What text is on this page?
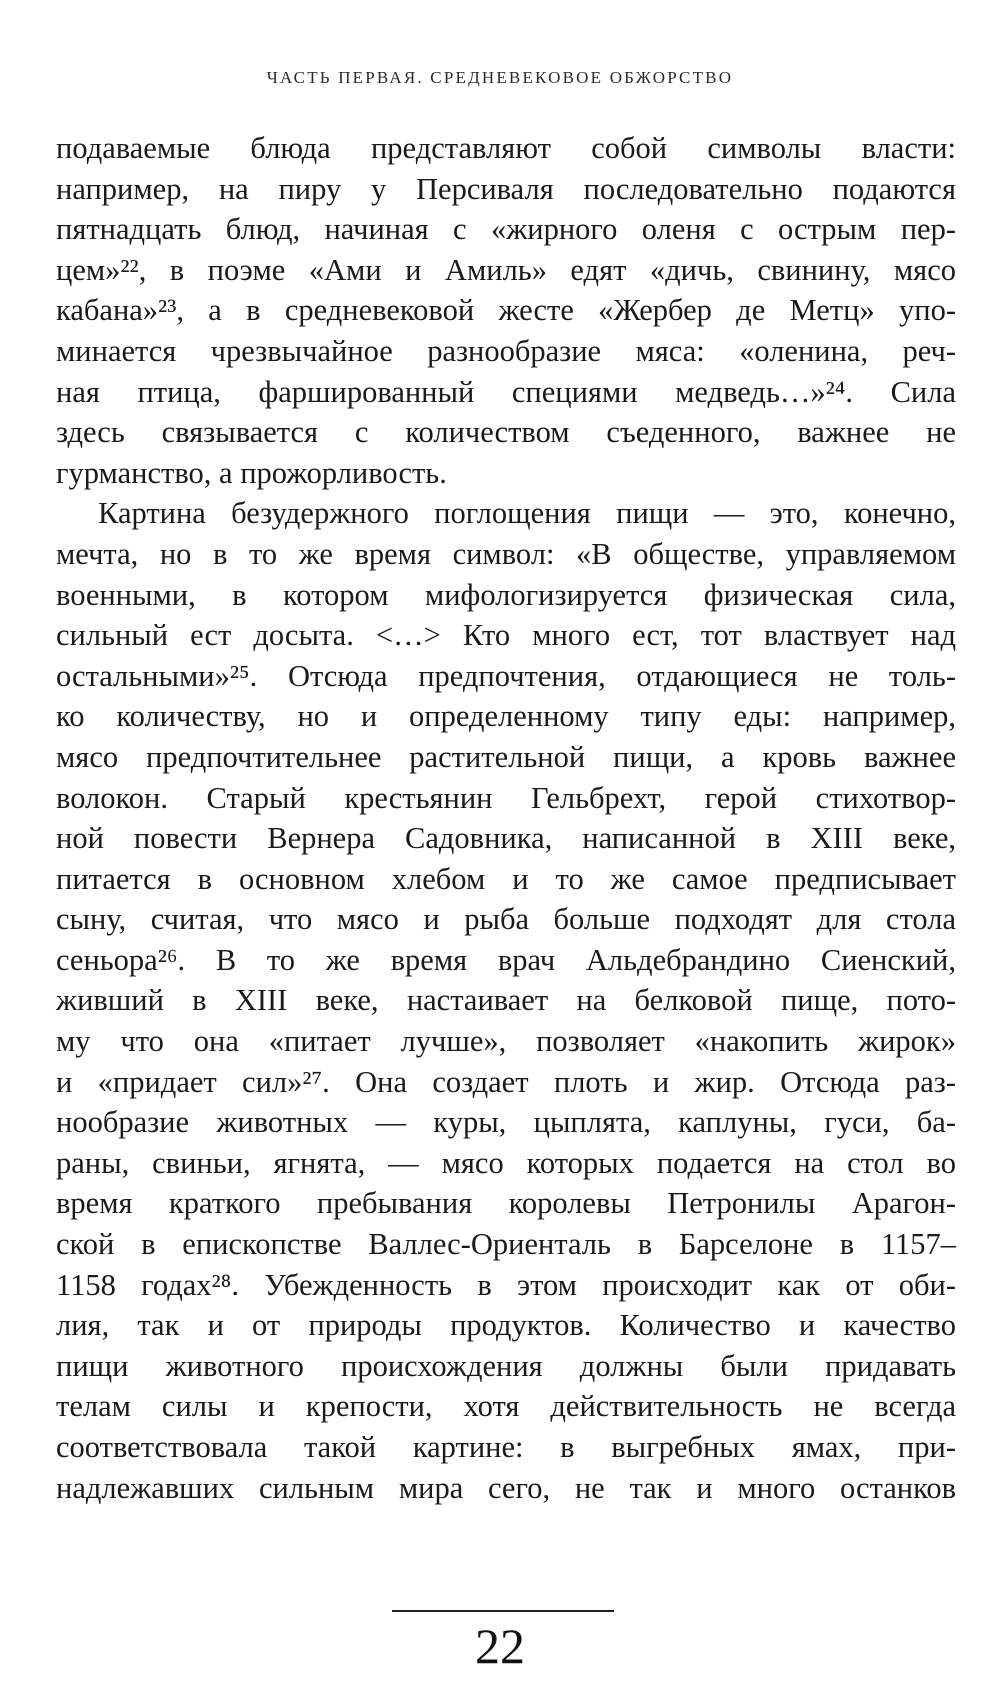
ЧАСТЬ ПЕРВАЯ. СРЕДНЕВЕКОВОЕ ОБЖОРСТВО
подаваемые блюда представляют собой символы власти:
например, на пиру у Персиваля последовательно подаются
пятнадцать блюд, начиная с «жирного оленя с острым пер-
цем»²², в поэме «Ами и Амиль» едят «дичь, свинину, мясо
кабана»²³, а в средневековой жесте «Жербер де Метц» упо-
минается чрезвычайное разнообразие мяса: «оленина, реч-
ная птица, фаршированный специями медведь…»²⁴. Сила
здесь связывается с количеством съеденного, важнее не
гурманство, а прожорливость.
Картина безудержного поглощения пищи — это, конечно,
мечта, но в то же время символ: «В обществе, управляемом
военными, в котором мифологизируется физическая сила,
сильный ест досыта. <…> Кто много ест, тот властвует над
остальными»²⁵. Отсюда предпочтения, отдающиеся не толь-
ко количеству, но и определенному типу еды: например,
мясо предпочтительнее растительной пищи, а кровь важнее
волокон. Старый крестьянин Гельбрехт, герой стихотвор-
ной повести Вернера Садовника, написанной в XIII веке,
питается в основном хлебом и то же самое предписывает
сыну, считая, что мясо и рыба больше подходят для стола
сеньора²⁶. В то же время врач Альдебрандино Сиенский,
живший в XIII веке, настаивает на белковой пище, пото-
му что она «питает лучше», позволяет «накопить жирок»
и «придает сил»²⁷. Она создает плоть и жир. Отсюда раз-
нообразие животных — куры, цыплята, каплуны, гуси, ба-
раны, свиньи, ягнята, — мясо которых подается на стол во
время краткого пребывания королевы Петронилы Арагон-
ской в епископстве Валлес-Ориенталь в Барселоне в 1157–
1158 годах²⁸. Убежденность в этом происходит как от оби-
лия, так и от природы продуктов. Количество и качество
пищи животного происхождения должны были придавать
телам силы и крепости, хотя действительность не всегда
соответствовала такой картине: в выгребных ямах, при-
надлежавших сильным мира сего, не так и много останков
22
